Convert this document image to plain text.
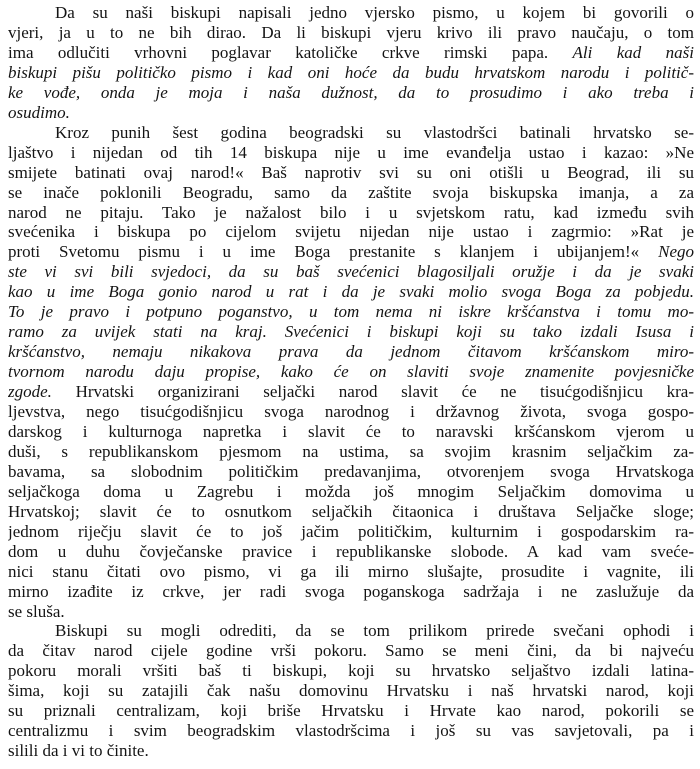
Da su naši biskupi napisali jedno vjersko pismo, u kojem bi govorili o
vjeri, ja u to ne bih dirao. Da li biskupi vjeru krivo ili pravo naučaju, o tom
ima odlučiti vrhovni poglavar katoličke crkve rimski papa. Ali kad naši
biskupi pišu političko pismo i kad oni hoće da budu hrvatskom narodu i politič-
ke vođe, onda je moja i naša dužnost, da to prosudimo i ako treba i
osudimo.
Kroz punih šest godina beogradski su vlastodršci batinali hrvatsko se-
ljaštvo i nijedan od tih 14 biskupa nije u ime evanđelja ustao i kazao: »Ne
smijete batinati ovaj narod!« Baš naprotiv svi su oni otišli u Beograd, ili su
se inače poklonili Beogradu, samo da zaštite svoja biskupska imanja, a za
narod ne pitaju. Tako je nažalost bilo i u svjetskom ratu, kad između svih
svećenika i biskupa po cijelom svijetu nijedan nije ustao i zagrmio: »Rat je
proti Svetomu pismu i u ime Boga prestanite s klanjem i ubijanjem!« Nego
ste vi svi bili svjedoci, da su baš svećenici blagosiljali oružje i da je svaki
kao u ime Boga gonio narod u rat i da je svaki molio svoga Boga za pobjedu.
To je pravo i potpuno poganstvo, u tom nema ni iskre kršćanstva i tomu mo-
ramo za uvijek stati na kraj. Svećenici i biskupi koji su tako izdali Isusa i
kršćanstvo, nemaju nikakova prava da jednom čitavom kršćanskom miro-
tvornom narodu daju propise, kako će on slaviti svoje znamenite povjesničke
zgode. Hrvatski organizirani seljački narod slavit će ne tisućgodišnjicu kra-
ljevstva, nego tisućgodišnjicu svoga narodnog i državnog života, svoga gospo-
darskog i kulturnoga napretka i slavit će to naravski kršćanskom vjerom u
duši, s republikanskom pjesmom na ustima, sa svojim krasnim seljačkim za-
bavama, sa slobodnim političkim predavanjima, otvorenjem svoga Hrvatskoga
seljačkoga doma u Zagrebu i možda još mnogim Seljačkim domovima u
Hrvatskoj; slavit će to osnutkom seljačkih čitaonica i društava Seljačke sloge;
jednom riječju slavit će to još jačim političkim, kulturnim i gospodarskim ra-
dom u duhu čovječanske pravice i republikanske slobode. A kad vam sveće-
nici stanu čitati ovo pismo, vi ga ili mirno slušajte, prosudite i vagnite, ili
mirno izađite iz crkve, jer radi svoga poganskoga sadržaja i ne zaslužuje da
se sluša.
Biskupi su mogli odrediti, da se tom prilikom prirede svečani ophodi i
da čitav narod cijele godine vrši pokoru. Samo se meni čini, da bi najveću
pokoru morali vršiti baš ti biskupi, koji su hrvatsko seljaštvo izdali latina-
šima, koji su zatajili čak našu domovinu Hrvatsku i naš hrvatski narod, koji
su priznali centralizam, koji briše Hrvatsku i Hrvate kao narod, pokorili se
centralizmu i svim beogradskim vlastodršcima i još su vas savjetovali, pa i
silili da i vi to činite.
